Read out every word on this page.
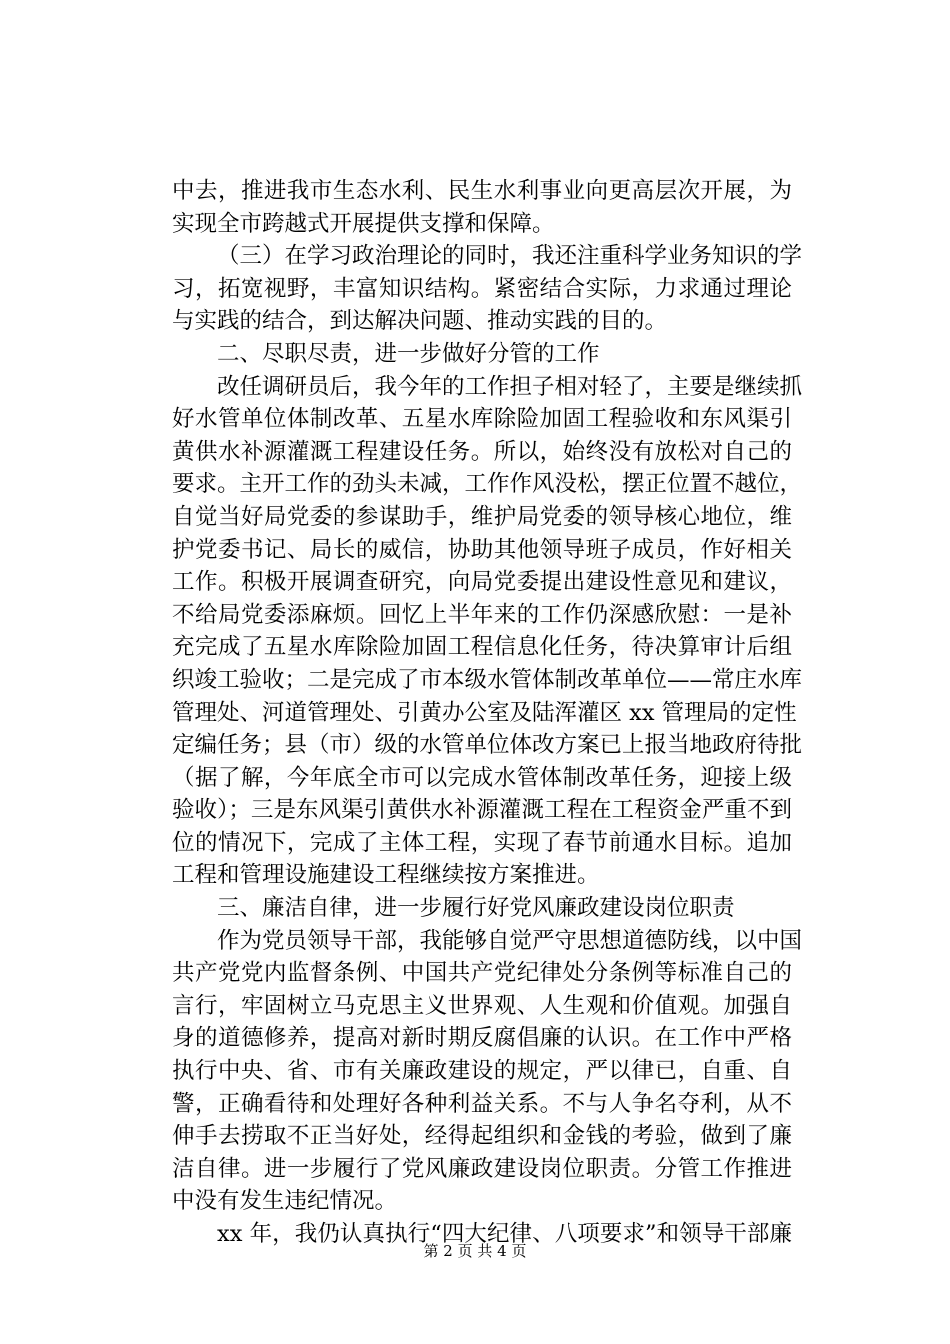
中去，推进我市生态水利、民生水利事业向更高层次开展，为
实现全市跨越式开展提供支撑和保障。
（三）在学习政治理论的同时，我还注重科学业务知识的学
习，拓宽视野，丰富知识结构。紧密结合实际，力求通过理论
与实践的结合，到达解决问题、推动实践的目的。
二、尽职尽责，进一步做好分管的工作
改任调研员后，我今年的工作担子相对轻了，主要是继续抓
好水管单位体制改革、五星水库除险加固工程验收和东风渠引
黄供水补源灌溉工程建设任务。所以，始终没有放松对自己的
要求。主开工作的劲头未减，工作作风没松，摆正位置不越位，
自觉当好局党委的参谋助手，维护局党委的领导核心地位，维
护党委书记、局长的威信，协助其他领导班子成员，作好相关
工作。积极开展调查研究，向局党委提出建设性意见和建议，
不给局党委添麻烦。回忆上半年来的工作仍深感欣慰：一是补
充完成了五星水库除险加固工程信息化任务，待决算审计后组
织竣工验收；二是完成了市本级水管体制改革单位——常庄水库
管理处、河道管理处、引黄办公室及陆浑灌区 xx 管理局的定性
定编任务；县（市）级的水管单位体改方案已上报当地政府待批
（据了解，今年底全市可以完成水管体制改革任务，迎接上级
验收）；三是东风渠引黄供水补源灌溉工程在工程资金严重不到
位的情况下，完成了主体工程，实现了春节前通水目标。追加
工程和管理设施建设工程继续按方案推进。
三、廉洁自律，进一步履行好党风廉政建设岗位职责
作为党员领导干部，我能够自觉严守思想道德防线，以中国
共产党党内监督条例、中国共产党纪律处分条例等标准自己的
言行，牢固树立马克思主义世界观、人生观和价值观。加强自
身的道德修养，提高对新时期反腐倡廉的认识。在工作中严格
执行中央、省、市有关廉政建设的规定，严以律已，自重、自
警，正确看待和处理好各种利益关系。不与人争名夺利，从不
伸手去捞取不正当好处，经得起组织和金钱的考验，做到了廉
洁自律。进一步履行了党风廉政建设岗位职责。分管工作推进
中没有发生违纪情况。
xx 年，我仍认真执行“四大纪律、八项要求”和领导干部廉
第 2 页 共 4 页
